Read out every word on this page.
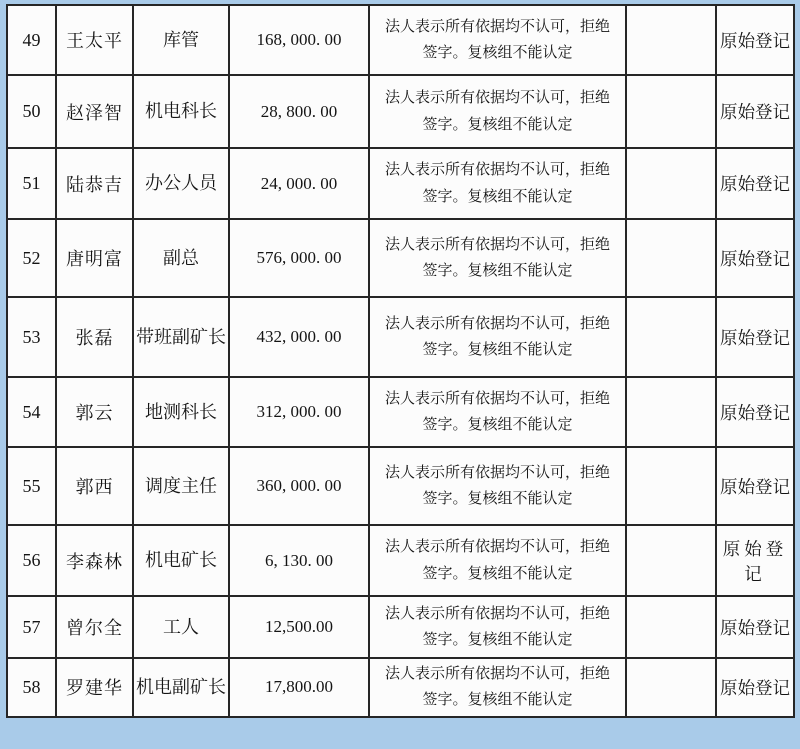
49	王太平	库管	168, 000. 00	法人表示所有依据均不认可，拒绝
签字。复核组不能认定		原始登记
50	赵泽智	机电科长	28, 800. 00	法人表示所有依据均不认可，拒绝
签字。复核组不能认定		原始登记
51	陆恭吉	办公人员	24, 000. 00	法人表示所有依据均不认可，拒绝
签字。复核组不能认定		原始登记
52	唐明富	副总	576, 000. 00	法人表示所有依据均不认可，拒绝
签字。复核组不能认定		原始登记
53	张磊	带班副矿长	432, 000. 00	法人表示所有依据均不认可，拒绝
签字。复核组不能认定		原始登记
54	郭云	地测科长	312, 000. 00	法人表示所有依据均不认可，拒绝
签字。复核组不能认定		原始登记
55	郭西	调度主任	360, 000. 00	法人表示所有依据均不认可，拒绝
签字。复核组不能认定		原始登记
56	李森林	机电矿长	6, 130. 00	法人表示所有依据均不认可，拒绝
签字。复核组不能认定		原始登记
57	曾尔全	工人	12,500.00	法人表示所有依据均不认可，拒绝
签字。复核组不能认定		原始登记
58	罗建华	机电副矿长	17,800.00	法人表示所有依据均不认可，拒绝
签字。复核组不能认定		原始登记
